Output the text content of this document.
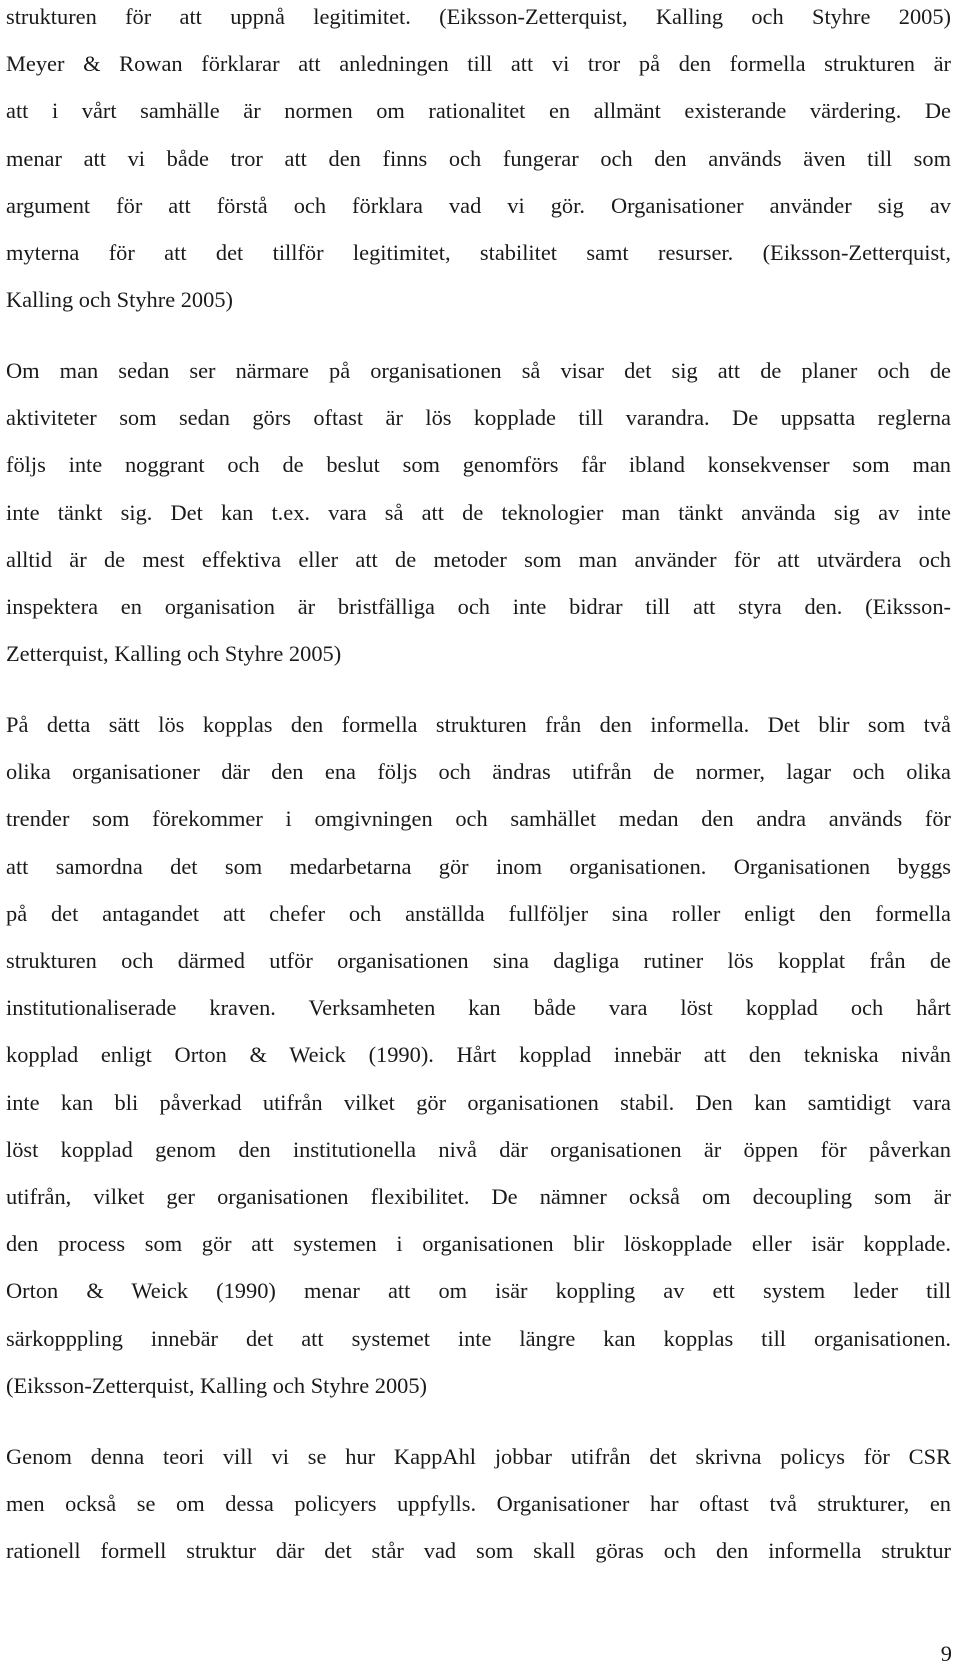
strukturen för att uppnå legitimitet. (Eiksson-Zetterquist, Kalling och Styhre 2005)
Meyer & Rowan förklarar att anledningen till att vi tror på den formella strukturen är
att i vårt samhälle är normen om rationalitet en allmänt existerande värdering. De
menar att vi både tror att den finns och fungerar och den används även till som
argument för att förstå och förklara vad vi gör. Organisationer använder sig av
myterna för att det tillför legitimitet, stabilitet samt resurser. (Eiksson-Zetterquist,
Kalling och Styhre 2005)

Om man sedan ser närmare på organisationen så visar det sig att de planer och de
aktiviteter som sedan görs oftast är lös kopplade till varandra. De uppsatta reglerna
följs inte noggrant och de beslut som genomförs får ibland konsekvenser som man
inte tänkt sig. Det kan t.ex. vara så att de teknologier man tänkt använda sig av inte
alltid är de mest effektiva eller att de metoder som man använder för att utvärdera och
inspektera en organisation är bristfälliga och inte bidrar till att styra den. (Eiksson-
Zetterquist, Kalling och Styhre 2005)

På detta sätt lös kopplas den formella strukturen från den informella. Det blir som två
olika organisationer där den ena följs och ändras utifrån de normer, lagar och olika
trender som förekommer i omgivningen och samhället medan den andra används för
att samordna det som medarbetarna gör inom organisationen. Organisationen byggs
på det antagandet att chefer och anställda fullföljer sina roller enligt den formella
strukturen och därmed utför organisationen sina dagliga rutiner lös kopplat från de
institutionaliserade kraven. Verksamheten kan både vara löst kopplad och hårt
kopplad enligt Orton & Weick (1990). Hårt kopplad innebär att den tekniska nivån
inte kan bli påverkad utifrån vilket gör organisationen stabil. Den kan samtidigt vara
löst kopplad genom den institutionella nivå där organisationen är öppen för påverkan
utifrån, vilket ger organisationen flexibilitet. De nämner också om decoupling som är
den process som gör att systemen i organisationen blir löskopplade eller isär kopplade.
Orton & Weick (1990) menar att om isär koppling av ett system leder till
särkopppling innebär det att systemet inte längre kan kopplas till organisationen.
(Eiksson-Zetterquist, Kalling och Styhre 2005)

Genom denna teori vill vi se hur KappAhl jobbar utifrån det skrivna policys för CSR
men också se om dessa policyers uppfylls. Organisationer har oftast två strukturer, en
rationell formell struktur där det står vad som skall göras och den informella struktur

9
